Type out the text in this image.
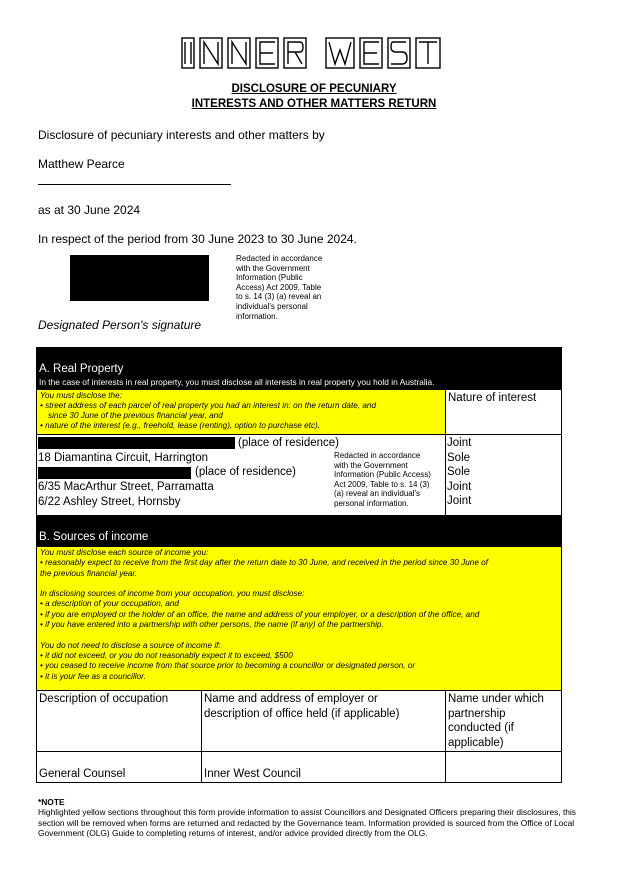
DISCLOSURE OF PECUNIARY
INTERESTS AND OTHER MATTERS RETURN
Disclosure of pecuniary interests and other matters by
Matthew Pearce
as at 30 June 2024
In respect of the period from 30 June 2023 to 30 June 2024.
Redacted in accordance
with the Government
Information (Public
Access) Act 2009, Table
to s. 14 (3) (a) reveal an
individual's personal
information.
Designated Person's signature
A. Real Property
In the case of interests in real property, you must disclose all interests in real property you hold in Australia.
You must disclose the:
• street address of each parcel of real property you had an interest in: on the return date, and
since 30 June of the previous financial year, and
• nature of the interest (e.g., freehold, lease (renting), option to purchase etc).
Nature of interest
(place of residence)
18 Diamantina Circuit, Harrington
(place of residence)
6/35 MacArthur Street, Parramatta
6/22 Ashley Street, Hornsby
Redacted in accordance
with the Government
Information (Public Access)
Act 2009, Table to s. 14 (3)
(a) reveal an individual's
personal information.
Joint
Sole
Sole
Joint
Joint
B. Sources of income
You must disclose each source of income you:
• reasonably expect to receive from the first day after the return date to 30 June, and received in the period since 30 June of
the previous financial year.
In disclosing sources of income from your occupation, you must disclose:
• a description of your occupation, and
• if you are employed or the holder of an office, the name and address of your employer, or a description of the office, and
• if you have entered into a partnership with other persons, the name (if any) of the partnership.
You do not need to disclose a source of income if:
• it did not exceed, or you do not reasonably expect it to exceed, $500
• you ceased to receive income from that source prior to becoming a councillor or designated person, or
• it is your fee as a councillor.
Description of occupation	Name and address of employer or description of office held (if applicable)
Name under which partnership conducted (if applicable)
General Counsel	Inner West Council
*NOTE
Highlighted yellow sections throughout this form provide information to assist Councillors and Designated Officers preparing their disclosures, this section will be removed when forms are returned and redacted by the Governance team. Information provided is sourced from the Office of Local Government (OLG) Guide to completing returns of interest, and/or advice provided directly from the OLG.
